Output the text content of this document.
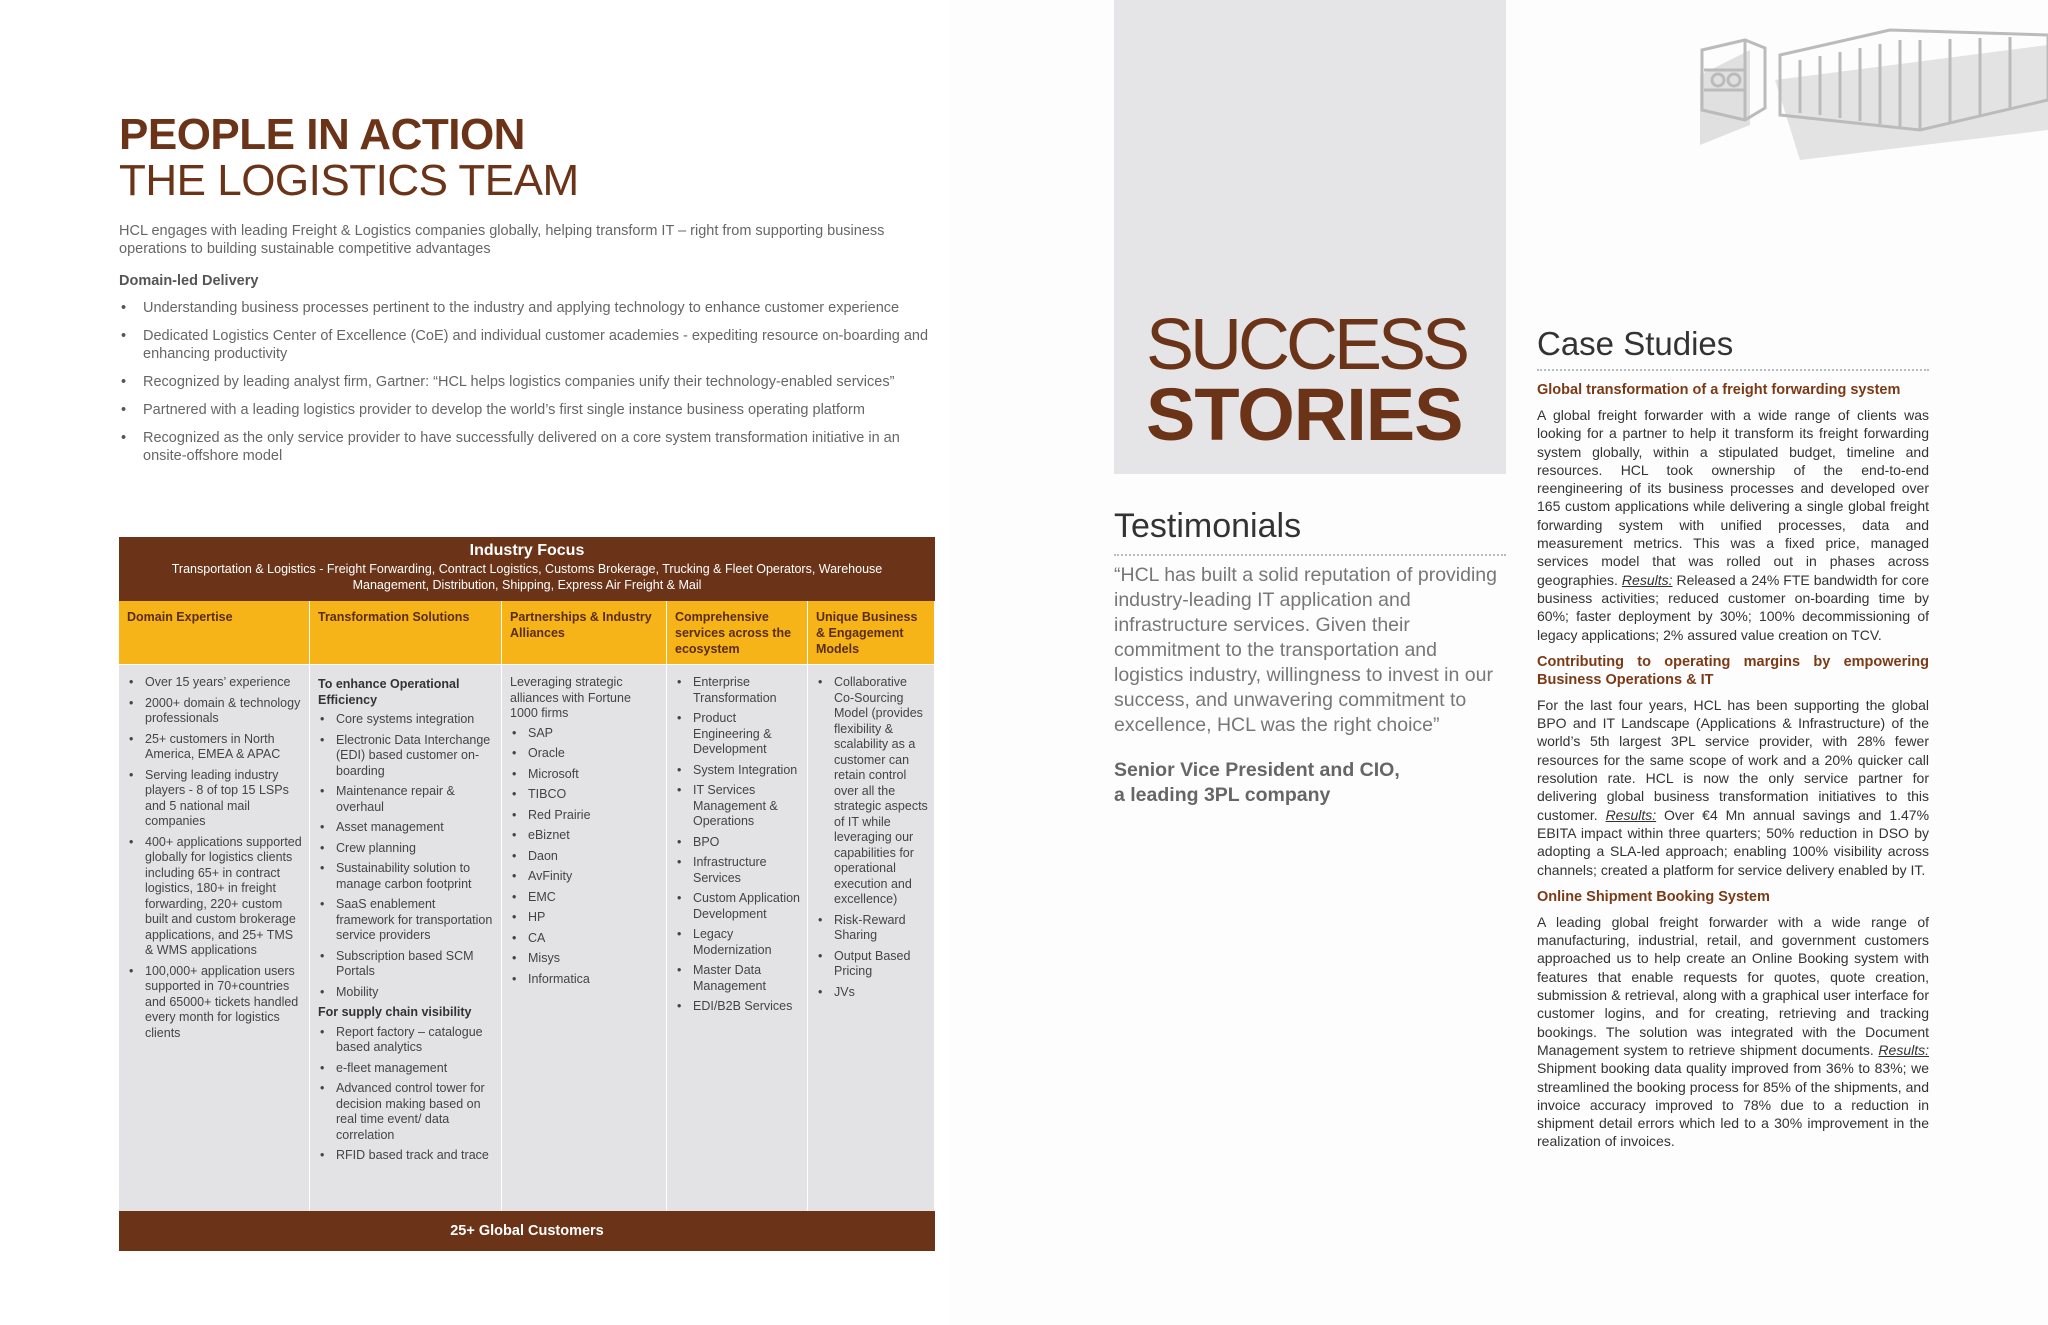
PEOPLE IN ACTION
THE LOGISTICS TEAM
HCL engages with leading Freight & Logistics companies globally, helping transform IT – right from supporting business operations to building sustainable competitive advantages
Domain-led Delivery
• Understanding business processes pertinent to the industry and applying technology to enhance customer experience
• Dedicated Logistics Center of Excellence (CoE) and individual customer academies - expediting resource on-boarding and enhancing productivity
• Recognized by leading analyst firm, Gartner: “HCL helps logistics companies unify their technology-enabled services”
• Partnered with a leading logistics provider to develop the world’s first single instance business operating platform
• Recognized as the only service provider to have successfully delivered on a core system transformation initiative in an onsite-offshore model
Industry Focus
Transportation & Logistics - Freight Forwarding, Contract Logistics, Customs Brokerage, Trucking & Fleet Operators, Warehouse Management, Distribution, Shipping, Express Air Freight & Mail
Domain Expertise	Transformation Solutions	Partnerships & Industry Alliances
Comprehensive services across the ecosystem
Unique Business & Engagement Models
• Over 15 years’ experience
• 2000+ domain & technology professionals
• 25+ customers in North America, EMEA & APAC
• Serving leading industry players - 8 of top 15 LSPs and 5 national mail companies
• 400+ applications supported globally for logistics clients including 65+ in contract logistics, 180+ in freight forwarding, 220+ custom built and custom brokerage applications, and 25+ TMS & WMS applications
• 100,000+ application users supported in 70+countries and 65000+ tickets handled every month for logistics clients
To enhance Operational Efficiency
• Core systems integration
• Electronic Data Interchange (EDI) based customer on-boarding
• Maintenance repair & overhaul
• Asset management
• Crew planning
• Sustainability solution to manage carbon footprint
• SaaS enablement framework for transportation service providers
• Subscription based SCM Portals
• Mobility
For supply chain visibility
• Report factory – catalogue based analytics
• e-fleet management
• Advanced control tower for decision making based on real time event/ data correlation
• RFID based track and trace
Leveraging strategic alliances with Fortune 1000 firms
• SAP
• Oracle
• Microsoft
• TIBCO
• Red Prairie
• eBiznet
• Daon
• AvFinity
• EMC
• HP
• CA
• Misys
• Informatica
• Enterprise Transformation
• Product Engineering & Development
• System Integration
• IT Services Management & Operations
• BPO
• Infrastructure Services
• Custom Application Development
• Legacy Modernization
• Master Data Management
• EDI/B2B Services
• Collaborative Co-Sourcing Model (provides flexibility & scalability as a customer can retain control over all the strategic aspects of IT while leveraging our capabilities for operational execution and excellence)
• Risk-Reward Sharing
• Output Based Pricing
• JVs
25+ Global Customers
SUCCESS
STORIES
Testimonials
“HCL has built a solid reputation of providing industry-leading IT application and infrastructure services. Given their commitment to the transportation and logistics industry, willingness to invest in our success, and unwavering commitment to excellence, HCL was the right choice”
Senior Vice President and CIO,
a leading 3PL company
Case Studies
Global transformation of a freight forwarding system
A global freight forwarder with a wide range of clients was looking for a partner to help it transform its freight forwarding system globally, within a stipulated budget, timeline and resources. HCL took ownership of the end-to-end reengineering of its business processes and developed over 165 custom applications while delivering a single global freight forwarding system with unified processes, data and measurement metrics. This was a fixed price, managed services model that was rolled out in phases across geographies. Results: Released a 24% FTE bandwidth for core business activities; reduced customer on-boarding time by 60%; faster deployment by 30%; 100% decommissioning of legacy applications; 2% assured value creation on TCV.
Contributing to operating margins by empowering Business Operations & IT
For the last four years, HCL has been supporting the global BPO and IT Landscape (Applications & Infrastructure) of the world’s 5th largest 3PL service provider, with 28% fewer resources for the same scope of work and a 20% quicker call resolution rate. HCL is now the only service partner for delivering global business transformation initiatives to this customer. Results: Over €4 Mn annual savings and 1.47% EBITA impact within three quarters; 50% reduction in DSO by adopting a SLA-led approach; enabling 100% visibility across channels; created a platform for service delivery enabled by IT.
Online Shipment Booking System
A leading global freight forwarder with a wide range of manufacturing, industrial, retail, and government customers approached us to help create an Online Booking system with features that enable requests for quotes, quote creation, submission & retrieval, along with a graphical user interface for customer logins, and for creating, retrieving and tracking bookings. The solution was integrated with the Document Management system to retrieve shipment documents. Results: Shipment booking data quality improved from 36% to 83%; we streamlined the booking process for 85% of the shipments, and invoice accuracy improved to 78% due to a reduction in shipment detail errors which led to a 30% improvement in the realization of invoices.
